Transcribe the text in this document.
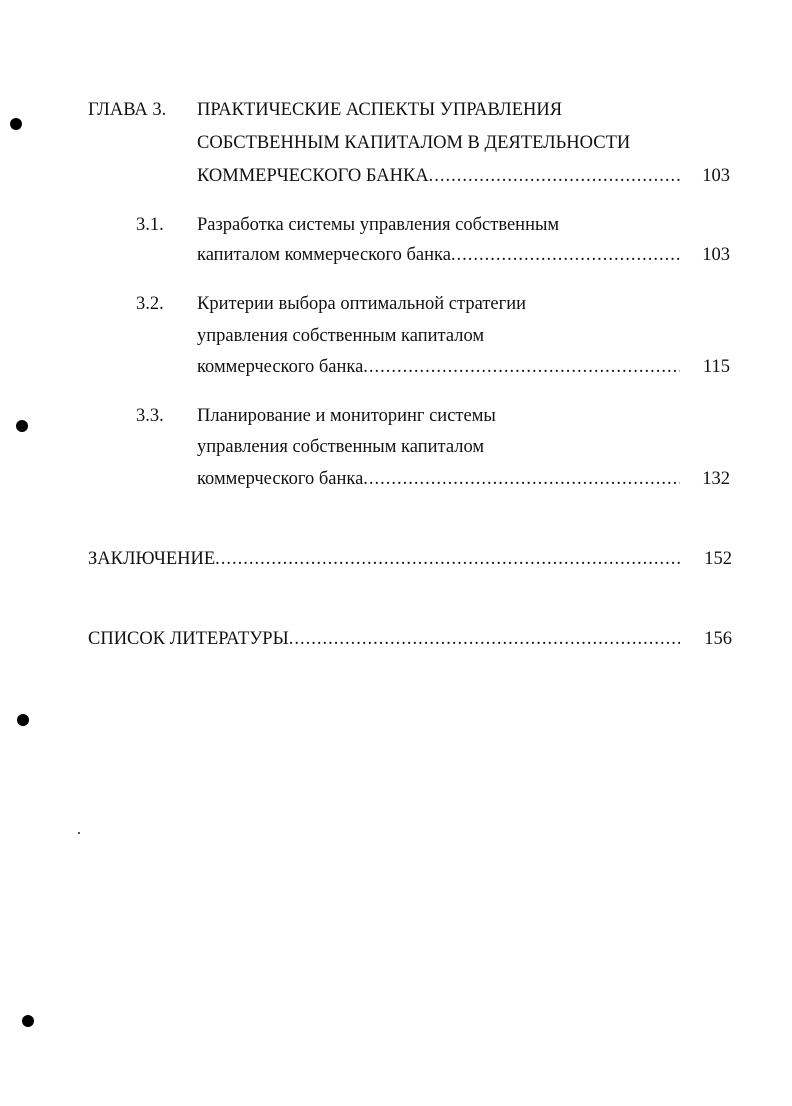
ГЛАВА 3. ПРАКТИЧЕСКИЕ АСПЕКТЫ УПРАВЛЕНИЯ
СОБСТВЕННЫМ КАПИТАЛОМ В ДЕЯТЕЛЬНОСТИ
КОММЕРЧЕСКОГО БАНКА .....	103
3.1. Разработка системы управления собственным
капиталом коммерческого банка .....	103
3.2. Критерии выбора оптимальной стратегии
управления собственным капиталом
коммерческого банка .....	115
3.3. Планирование и мониторинг системы
управления собственным капиталом
коммерческого банка .....	132
ЗАКЛЮЧЕНИЕ .....	152
СПИСОК ЛИТЕРАТУРЫ .....	156
